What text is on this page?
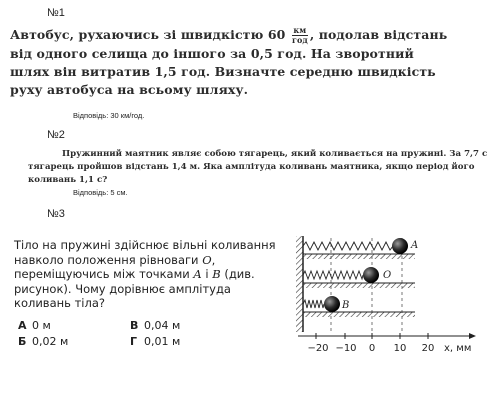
№1
Автобус, рухаючись зі швидкістю $60 \frac{км}{\text{год}}$ , подолав відстань від одного селища до іншого за 0,5 год. На зворотний шлях він витратив 1,5 год. Визначте середню швидкість руху автобуса на всьому шляху.
Відповідь: 30 км/год.
№2
Пружинний маятник являє собою тягарець, який коливається на пружині. За 7,7 с тягарець пройшов відстань 1,4 м. Яка амплітуда коливань маятника, якщо період його коливань 1,1 с?
Відповідь: 5 см.
№3
Тіло на пружині здійснює вільні коливання навколо положення рівноваги O, переміщуючись між точками A і B (див. рисунок). Чому дорівнює амплітуда коливань тіла?
А 0 м
Б 0,02 м
В 0,04 м
Г 0,01 м
A
O
B
−20 −10 0 10 20 x, мм
